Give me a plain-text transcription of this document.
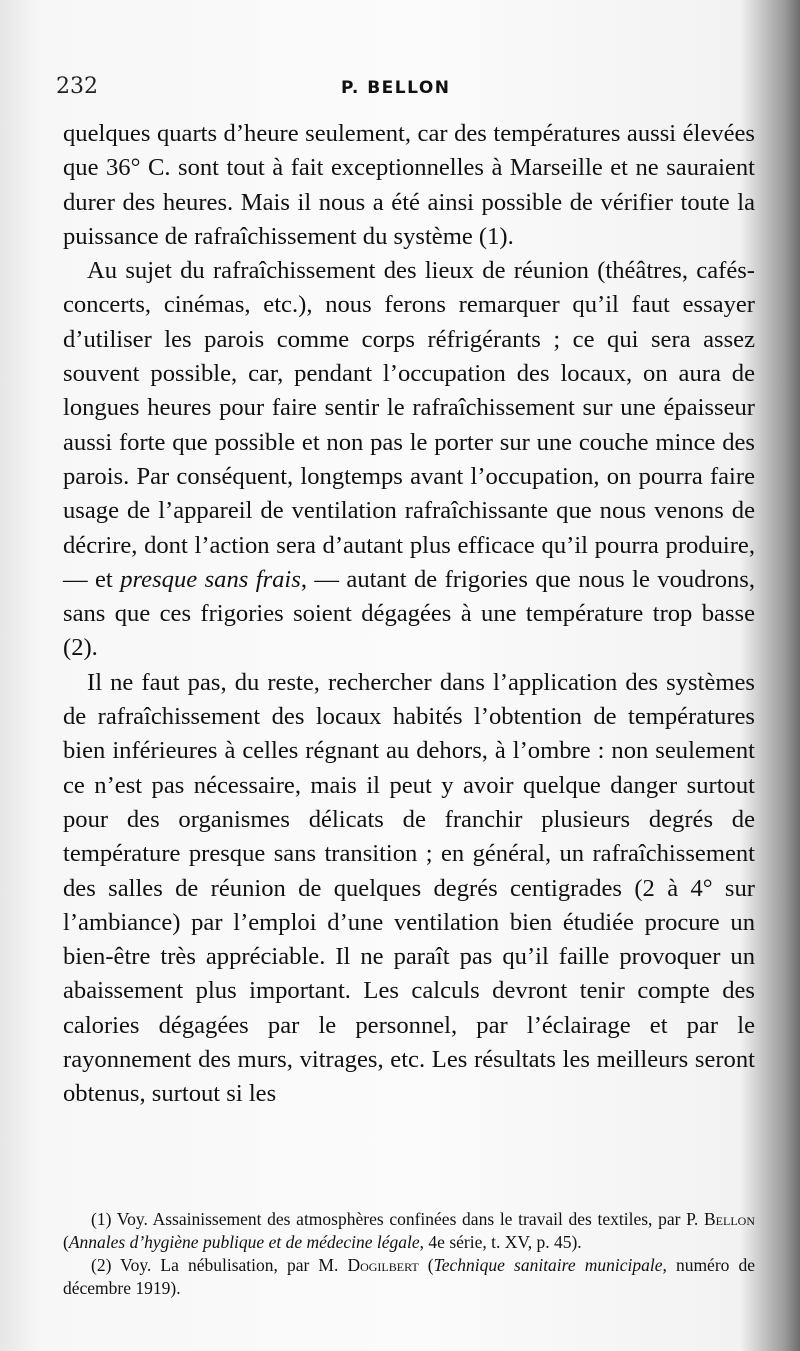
232	P. BELLON

quelques quarts d’heure seulement, car des températures aussi élevées que 36° C. sont tout à fait exceptionnelles à Marseille et ne sauraient durer des heures. Mais il nous a été ainsi possible de vérifier toute la puissance de rafraîchissement du système (1).

Au sujet du rafraîchissement des lieux de réunion (théâtres, cafés-concerts, cinémas, etc.), nous ferons remarquer qu’il faut essayer d’utiliser les parois comme corps réfrigérants ; ce qui sera assez souvent possible, car, pendant l’occupation des locaux, on aura de longues heures pour faire sentir le rafraîchissement sur une épaisseur aussi forte que possible et non pas le porter sur une couche mince des parois. Par conséquent, longtemps avant l’occupation, on pourra faire usage de l’appareil de ventilation rafraîchissante que nous venons de décrire, dont l’action sera d’autant plus efficace qu’il pourra produire, — et presque sans frais, — autant de frigories que nous le voudrons, sans que ces frigories soient dégagées à une température trop basse (2).

Il ne faut pas, du reste, rechercher dans l’application des systèmes de rafraîchissement des locaux habités l’obtention de températures bien inférieures à celles régnant au dehors, à l’ombre : non seulement ce n’est pas nécessaire, mais il peut y avoir quelque danger surtout pour des organismes délicats de franchir plusieurs degrés de température presque sans transition ; en général, un rafraîchissement des salles de réunion de quelques degrés centigrades (2 à 4° sur l’ambiance) par l’emploi d’une ventilation bien étudiée procure un bien-être très appréciable. Il ne paraît pas qu’il faille provoquer un abaissement plus important. Les calculs devront tenir compte des calories dégagées par le personnel, par l’éclairage et par le rayonnement des murs, vitrages, etc. Les résultats les meilleurs seront obtenus, surtout si les

(1) Voy. Assainissement des atmosphères confinées dans le travail des textiles, par P. Bellon (Annales d’hygiène publique et de médecine légale, 4e série, t. XV, p. 45).

(2) Voy. La nébulisation, par M. Dogilbert (Technique sanitaire municipale, numéro de décembre 1919).
